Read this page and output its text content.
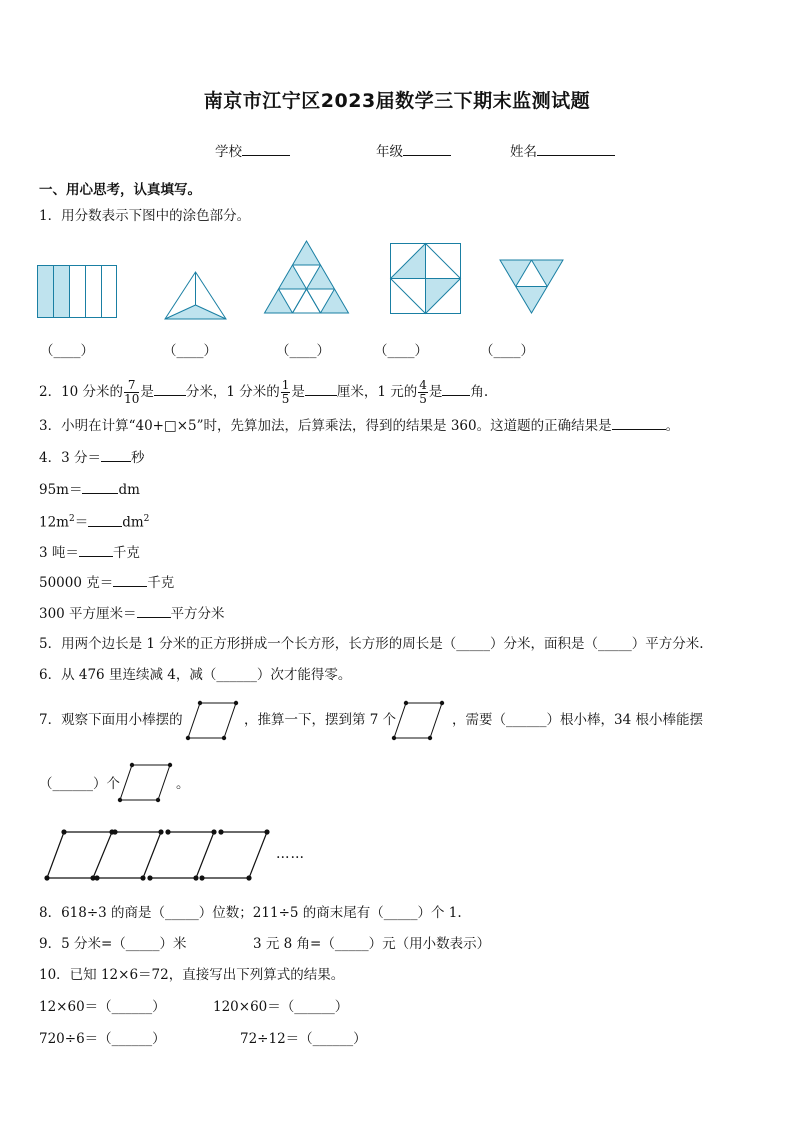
南京市江宁区2023届数学三下期末监测试题
学校	年级	姓名
一、用心思考，认真填写。
1．用分数表示下图中的涂色部分。
（____）	（____）	（____）	（____）	（____）
2．10 分米的 $\frac{7}{10}$ 是 分米，1 分米的 $\frac{1}{5}$ 是 厘米，1 元的 $\frac{4}{5}$ 是 角.
3．小明在计算“40+□×5”时，先算加法，后算乘法，得到的结果是 360。这道题的正确结果是	。
4．3 分＝ 秒
95m＝	dm
$12m^2=$	$dm^2$
3 吨＝	千克
50000 克＝	千克
300 平方厘米＝	平方分米
5．用两个边长是 1 分米的正方形拼成一个长方形，长方形的周长是（_____）分米，面积是（_____）平方分米.
6．从 476 里连续减 4，减（______）次才能得零。
7．观察下面用小棒摆的	，推算一下，摆到第 7 个	，需要（______）根小棒，34 根小棒能摆
（______）个	。
……
8．618÷3 的商是（_____）位数；211÷5 的商末尾有（_____）个 1.
9．5 分米=（_____）米	3 元 8 角=（_____）元（用小数表示）
10．已知 12×6＝72，直接写出下列算式的结果。
12×60＝（______）	120×60＝（______）
720÷6＝（______）	72÷12＝（______）
